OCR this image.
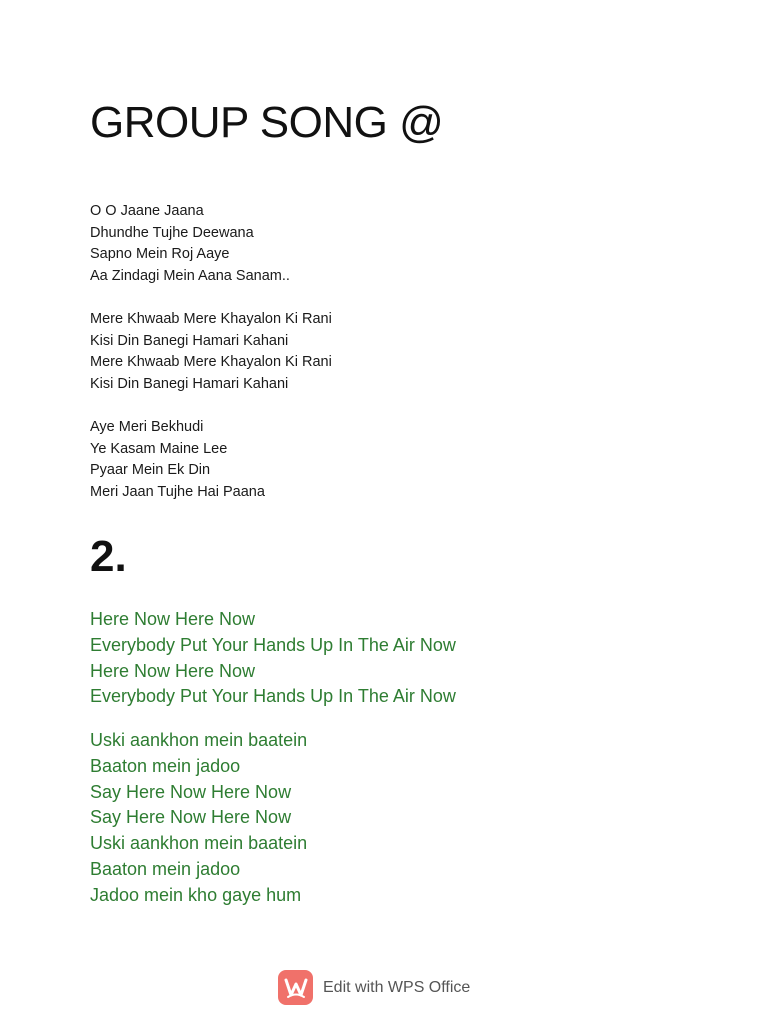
GROUP SONG @
O O Jaane Jaana
Dhundhe Tujhe Deewana
Sapno Mein Roj Aaye
Aa Zindagi Mein Aana Sanam..
Mere Khwaab Mere Khayalon Ki Rani
Kisi Din Banegi Hamari Kahani
Mere Khwaab Mere Khayalon Ki Rani
Kisi Din Banegi Hamari Kahani
Aye Meri Bekhudi
Ye Kasam Maine Lee
Pyaar Mein Ek Din
Meri Jaan Tujhe Hai Paana
2.
Here Now Here Now
Everybody Put Your Hands Up In The Air Now
Here Now Here Now
Everybody Put Your Hands Up In The Air Now
Uski aankhon mein baatein
Baaton mein jadoo
Say Here Now Here Now
Say Here Now Here Now
Uski aankhon mein baatein
Baaton mein jadoo
Jadoo mein kho gaye hum
Edit with WPS Office
